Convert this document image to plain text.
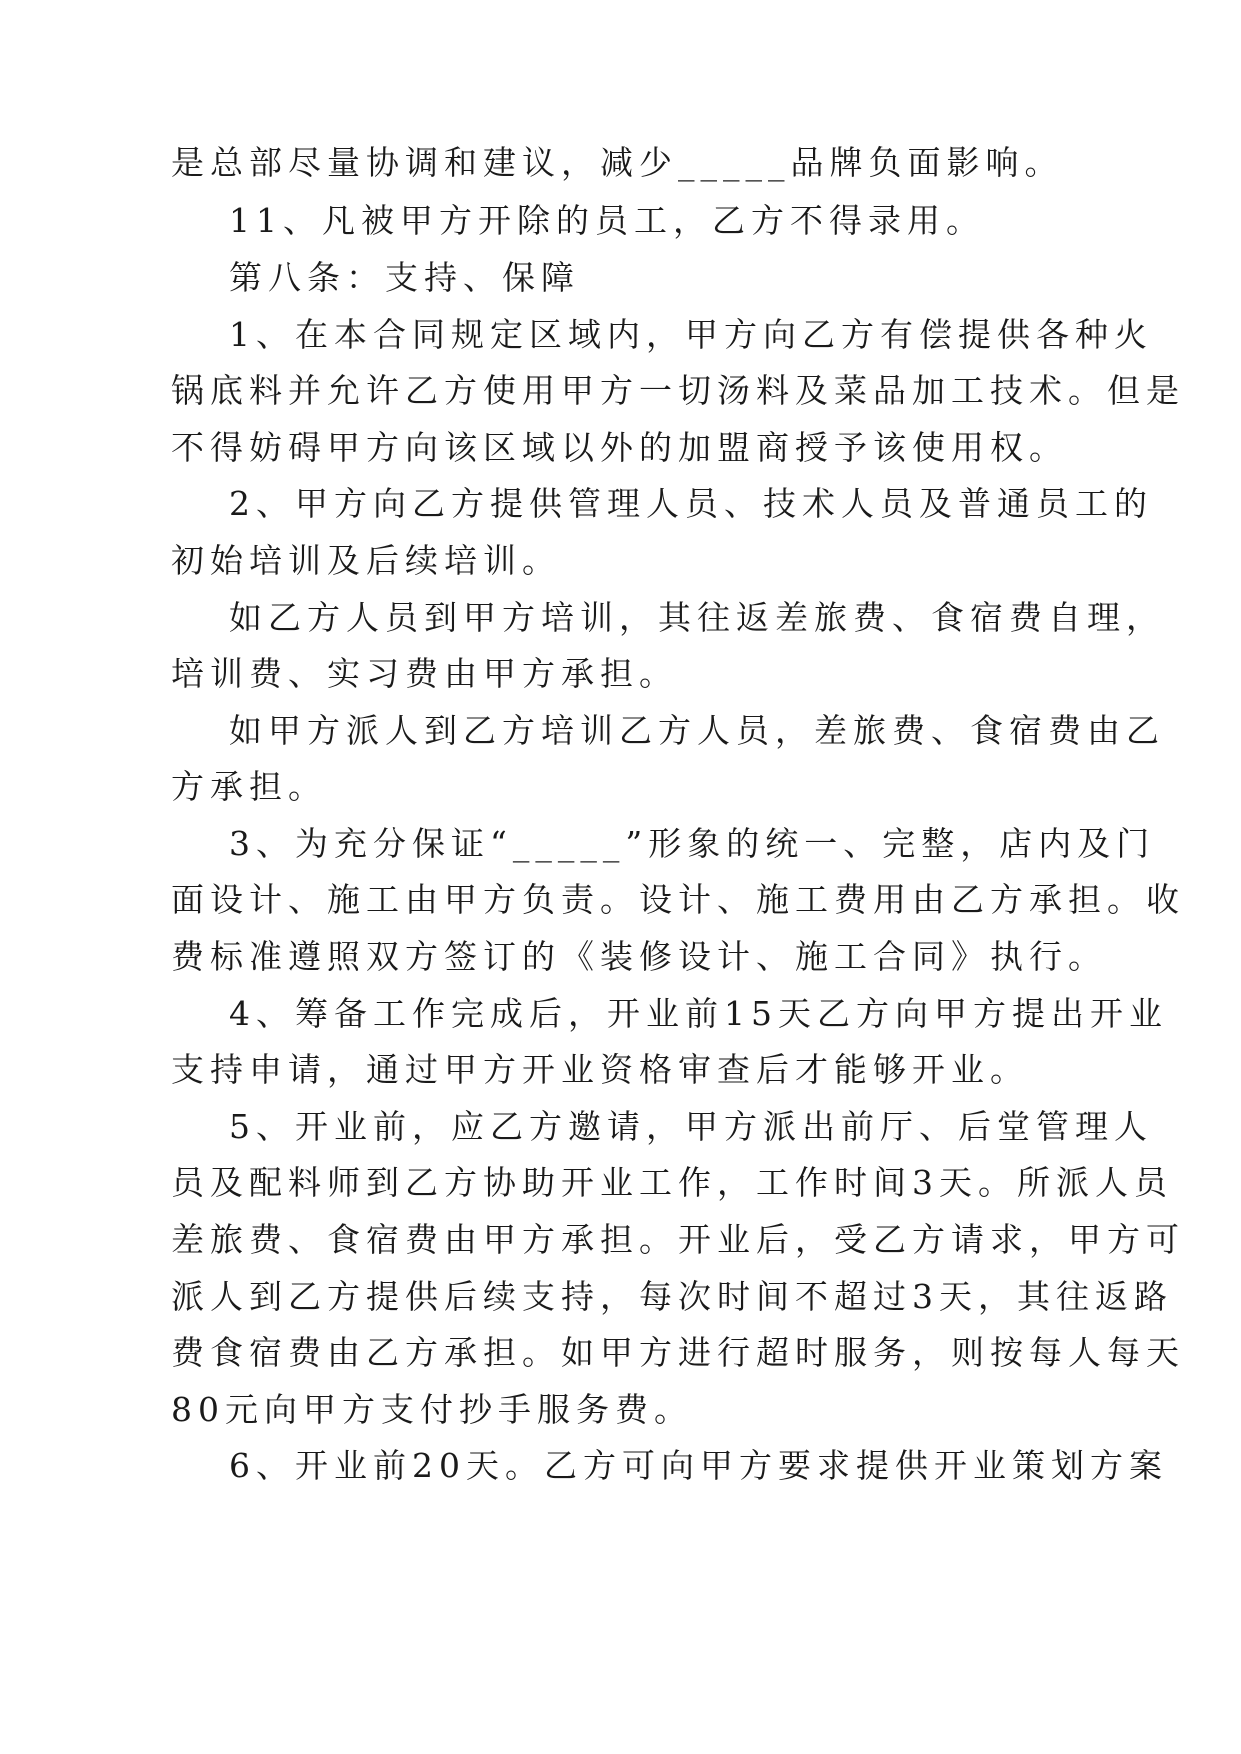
是总部尽量协调和建议，减少_____品牌负面影响。
11、凡被甲方开除的员工，乙方不得录用。
第八条：支持、保障
1、在本合同规定区域内，甲方向乙方有偿提供各种火
锅底料并允许乙方使用甲方一切汤料及菜品加工技术。但是
不得妨碍甲方向该区域以外的加盟商授予该使用权。
2、甲方向乙方提供管理人员、技术人员及普通员工的
初始培训及后续培训。
如乙方人员到甲方培训，其往返差旅费、食宿费自理，
培训费、实习费由甲方承担。
如甲方派人到乙方培训乙方人员，差旅费、食宿费由乙
方承担。
3、为充分保证“_____”形象的统一、完整，店内及门
面设计、施工由甲方负责。设计、施工费用由乙方承担。收
费标准遵照双方签订的《装修设计、施工合同》执行。
4、筹备工作完成后，开业前15天乙方向甲方提出开业
支持申请，通过甲方开业资格审查后才能够开业。
5、开业前，应乙方邀请，甲方派出前厅、后堂管理人
员及配料师到乙方协助开业工作，工作时间3天。所派人员
差旅费、食宿费由甲方承担。开业后，受乙方请求，甲方可
派人到乙方提供后续支持，每次时间不超过3天，其往返路
费食宿费由乙方承担。如甲方进行超时服务，则按每人每天
80元向甲方支付抄手服务费。
6、开业前20天。乙方可向甲方要求提供开业策划方案
